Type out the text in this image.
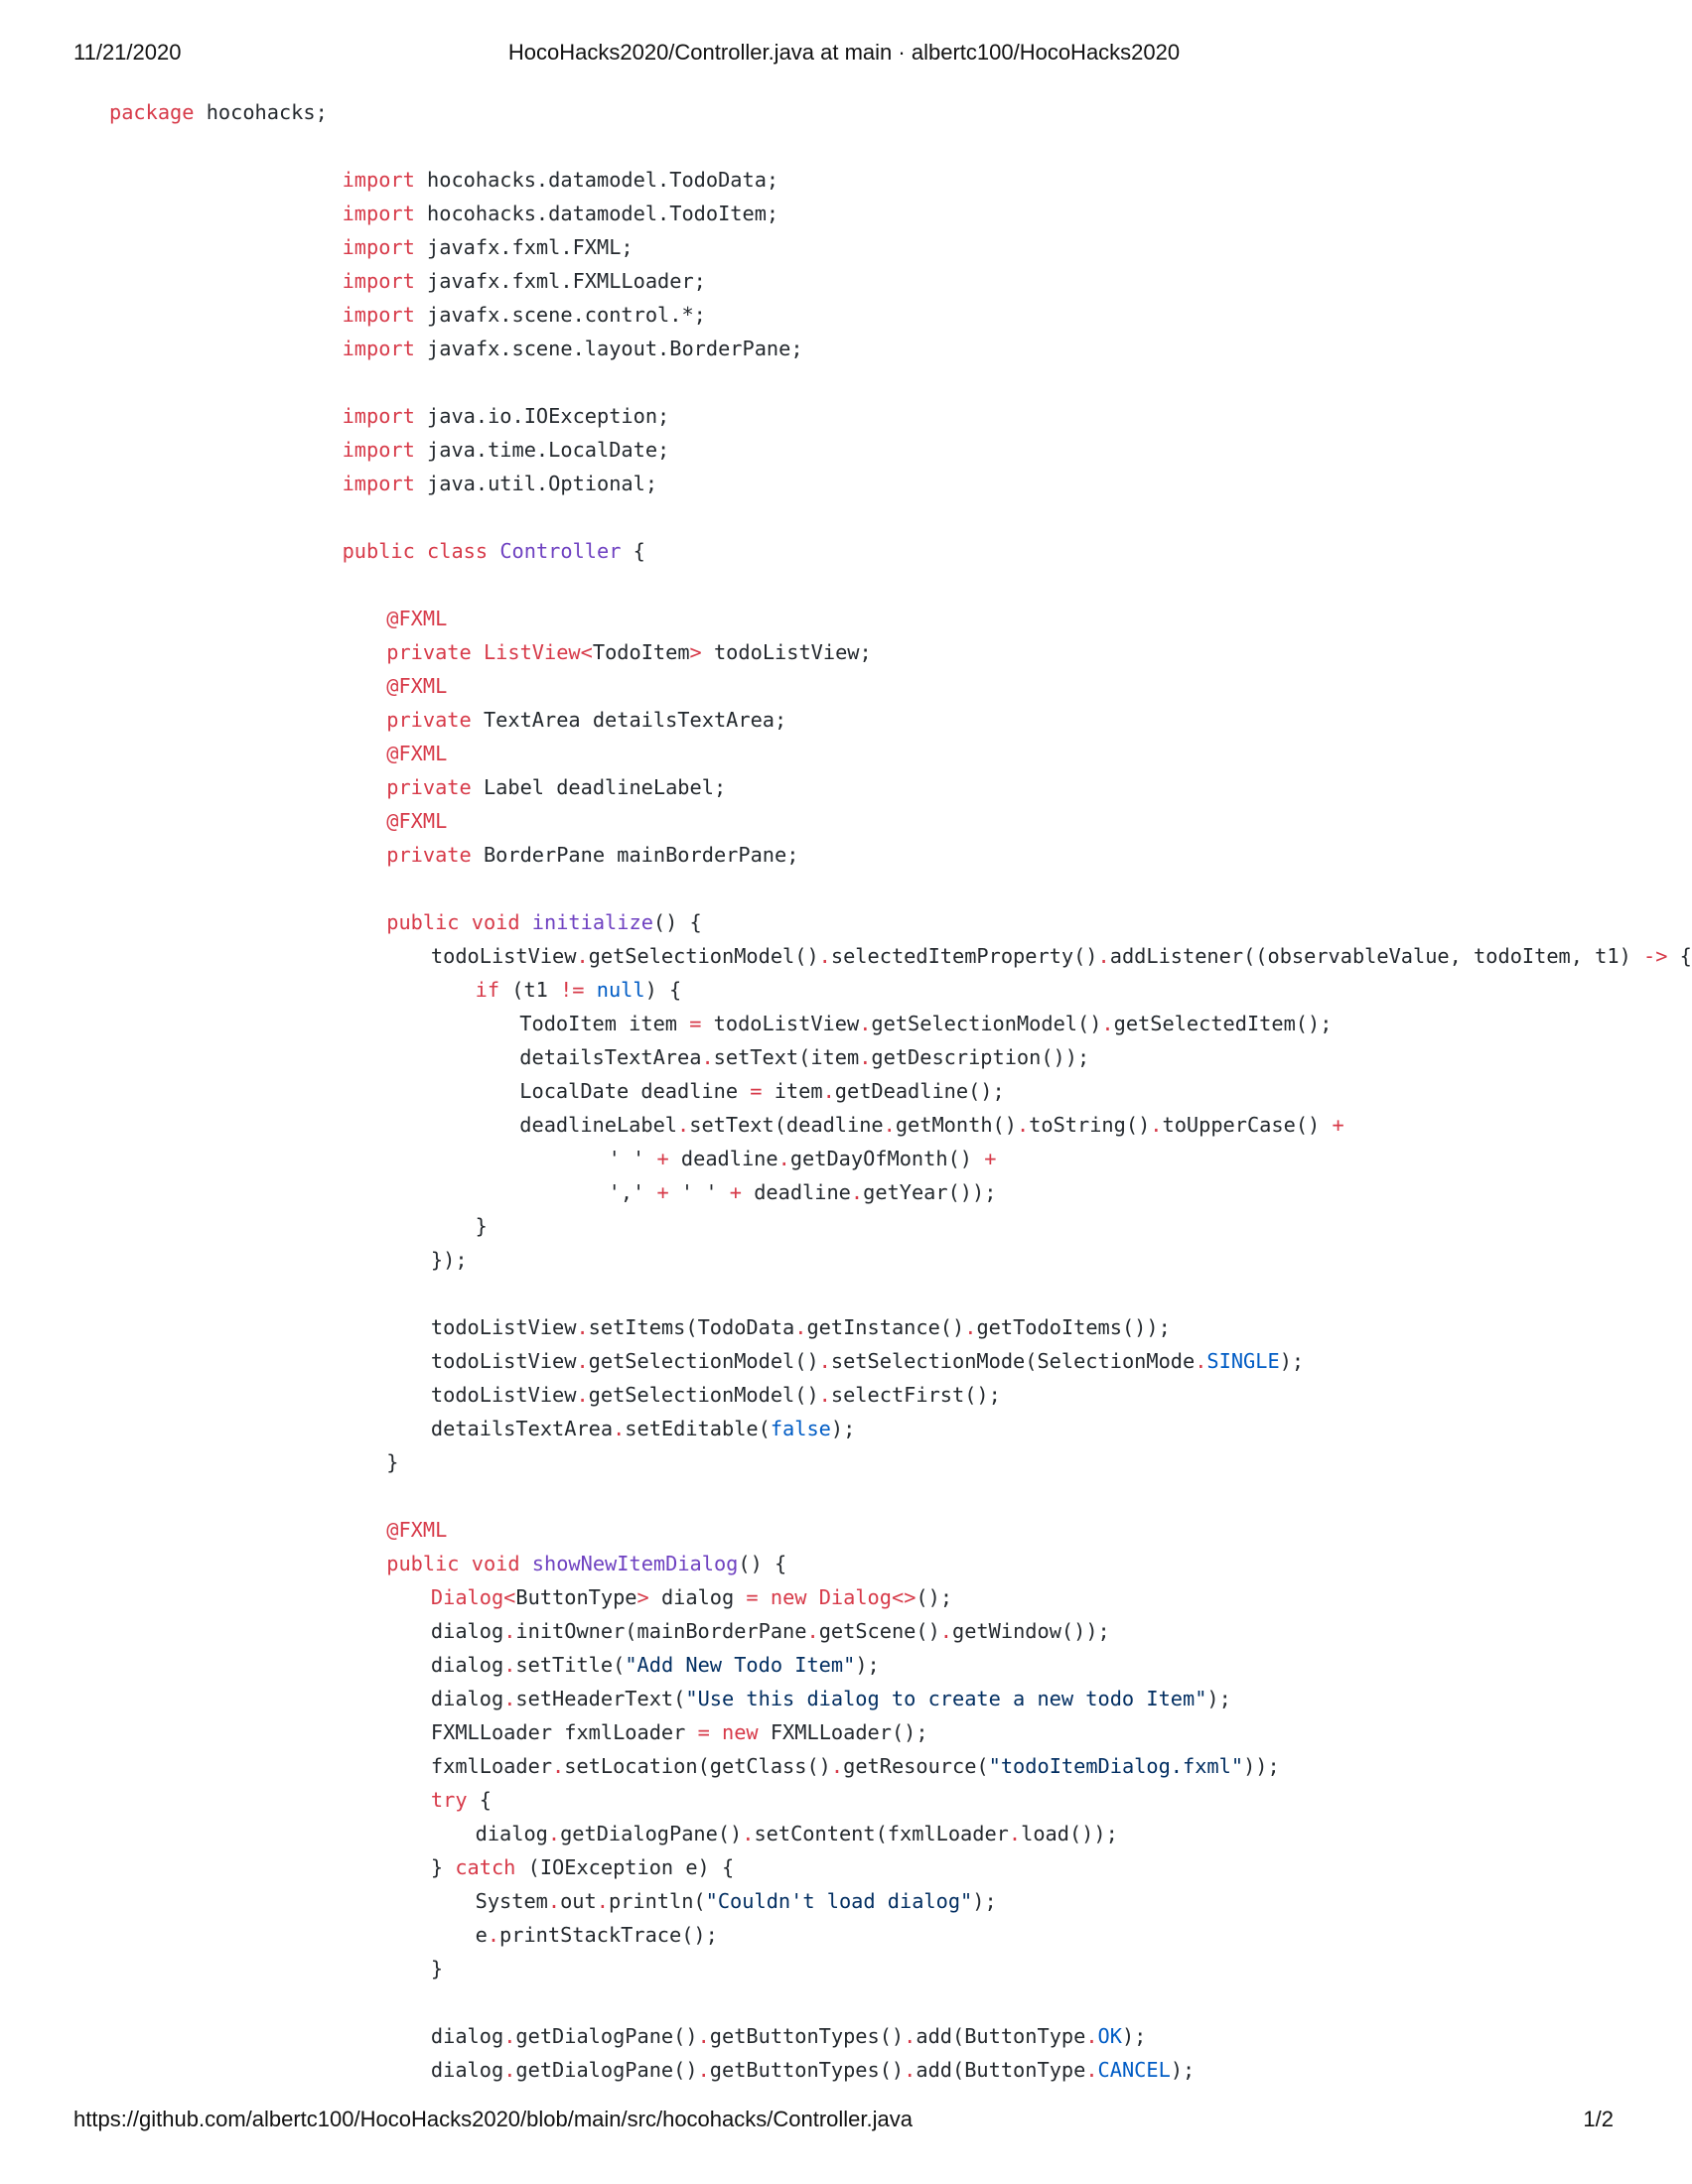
11/21/2020	HocoHacks2020/Controller.java at main · albertc100/HocoHacks2020
package hocohacks;
import hocohacks.datamodel.TodoData;
import hocohacks.datamodel.TodoItem;
import javafx.fxml.FXML;
import javafx.fxml.FXMLLoader;
import javafx.scene.control.*;
import javafx.scene.layout.BorderPane;
import java.io.IOException;
import java.time.LocalDate;
import java.util.Optional;
public class Controller {
@FXML
private ListView<TodoItem> todoListView;
@FXML
private TextArea detailsTextArea;
@FXML
private Label deadlineLabel;
@FXML
private BorderPane mainBorderPane;
public void initialize() {
todoListView.getSelectionModel().selectedItemProperty().addListener((observableValue, todoItem, t1) -> {
if (t1 != null) {
TodoItem item = todoListView.getSelectionModel().getSelectedItem();
detailsTextArea.setText(item.getDescription());
LocalDate deadline = item.getDeadline();
deadlineLabel.setText(deadline.getMonth().toString().toUpperCase() +
' ' + deadline.getDayOfMonth() +
',' + ' ' + deadline.getYear());
}
});
todoListView.setItems(TodoData.getInstance().getTodoItems());
todoListView.getSelectionModel().setSelectionMode(SelectionMode.SINGLE);
todoListView.getSelectionModel().selectFirst();
detailsTextArea.setEditable(false);
}
@FXML
public void showNewItemDialog() {
Dialog<ButtonType> dialog = new Dialog<>();
dialog.initOwner(mainBorderPane.getScene().getWindow());
dialog.setTitle("Add New Todo Item");
dialog.setHeaderText("Use this dialog to create a new todo Item");
FXMLLoader fxmlLoader = new FXMLLoader();
fxmlLoader.setLocation(getClass().getResource("todoItemDialog.fxml"));
try {
dialog.getDialogPane().setContent(fxmlLoader.load());
} catch (IOException e) {
System.out.println("Couldn't load dialog");
e.printStackTrace();
}
dialog.getDialogPane().getButtonTypes().add(ButtonType.OK);
dialog.getDialogPane().getButtonTypes().add(ButtonType.CANCEL);
https://github.com/albertc100/HocoHacks2020/blob/main/src/hocohacks/Controller.java	1/2
